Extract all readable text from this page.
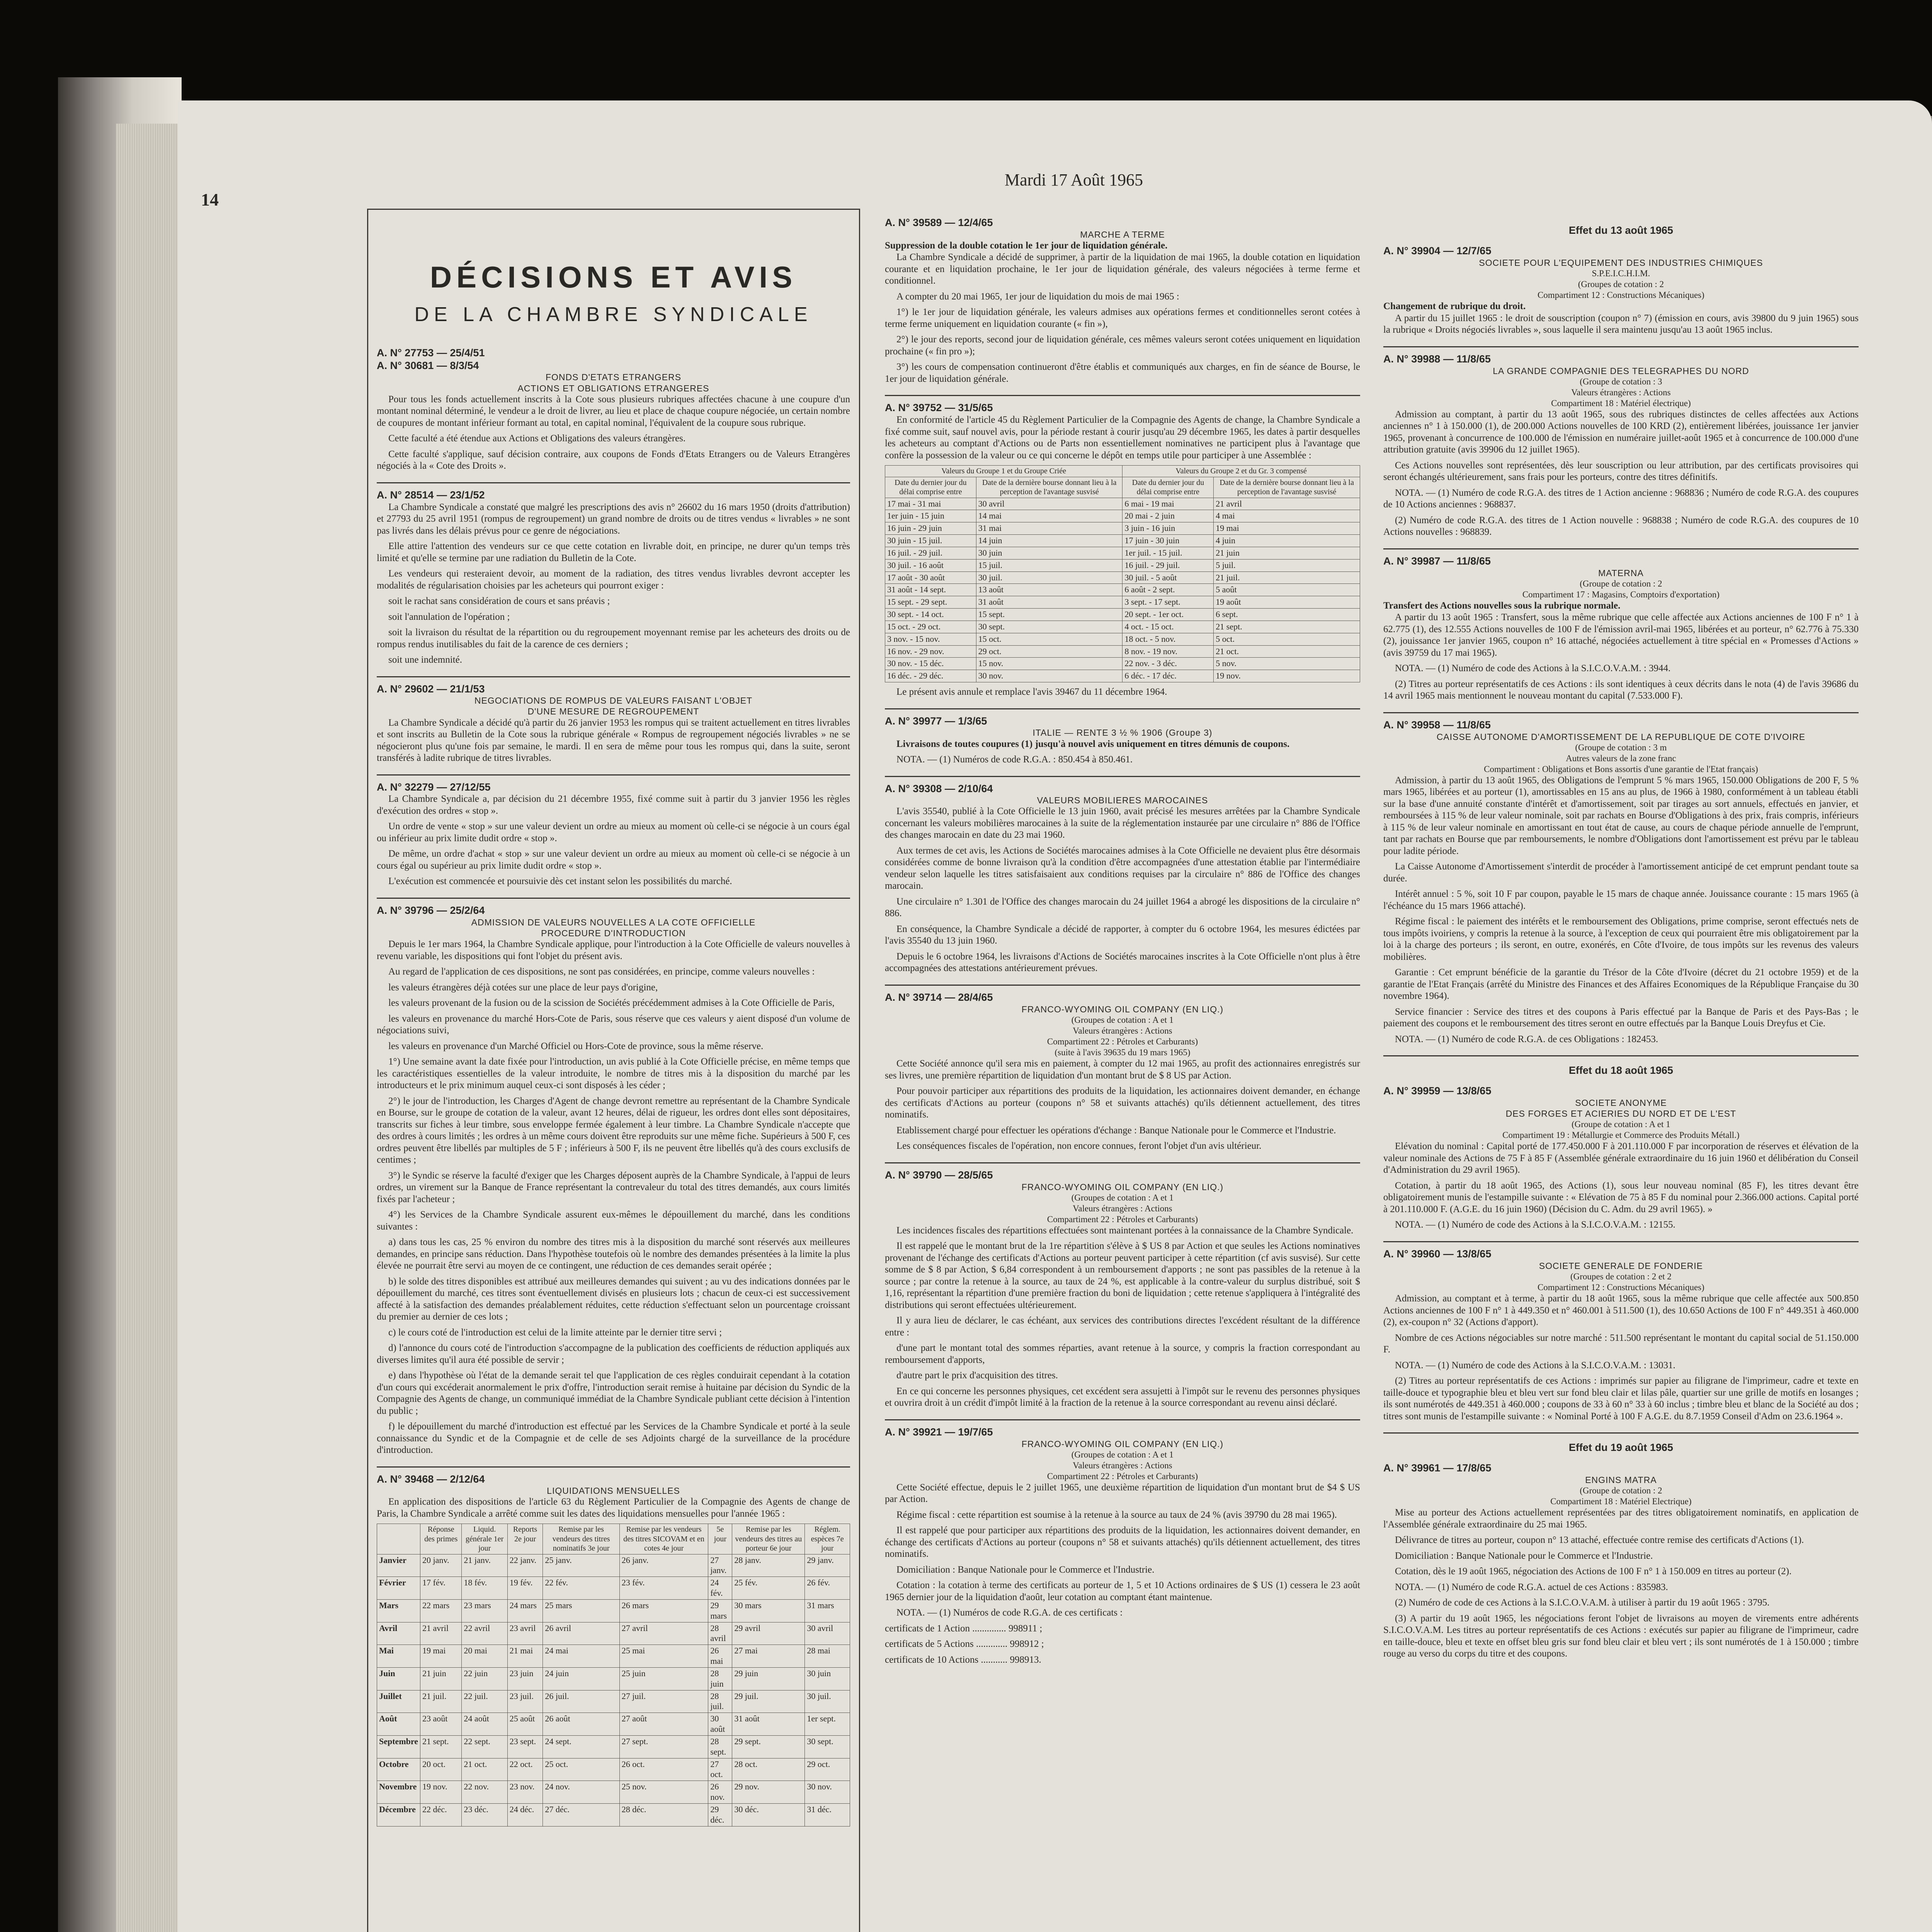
14
Mardi 17 Août 1965
DÉCISIONS ET AVIS
DE LA CHAMBRE SYNDICALE
A. N° 27753 — 25/4/51
A. N° 30681 — 8/3/54
FONDS D'ETATS ETRANGERS
ACTIONS ET OBLIGATIONS ETRANGERES

Pour tous les fonds actuellement inscrits à la Cote sous plusieurs rubriques affectées chacune à une coupure d'un montant nominal déterminé, le vendeur a le droit de livrer, au lieu et place de chaque coupure négociée, un certain nombre de coupures de montant inférieur formant au total, en capital nominal, l'équivalent de la coupure sous rubrique.

Cette faculté a été étendue aux Actions et Obligations des valeurs étrangères.

Cette faculté s'applique, sauf décision contraire, aux coupons de Fonds d'Etats Etrangers ou de Valeurs Etrangères négociés à la « Cote des Droits ».

A. N° 28514 — 23/1/52

La Chambre Syndicale a constaté que malgré les prescriptions des avis n° 26602 du 16 mars 1950 (droits d'attribution) et 27793 du 25 avril 1951 (rompus de regroupement) un grand nombre de droits ou de titres vendus « livrables » ne sont pas livrés dans les délais prévus pour ce genre de négociations.

Elle attire l'attention des vendeurs sur ce que cette cotation en livrable doit, en principe, ne durer qu'un temps très limité et qu'elle se termine par une radiation du Bulletin de la Cote.

Les vendeurs qui resteraient devoir, au moment de la radiation, des titres vendus livrables devront accepter les modalités de régularisation choisies par les acheteurs qui pourront exiger :

soit le rachat sans considération de cours et sans préavis ;

soit l'annulation de l'opération ;

soit la livraison du résultat de la répartition ou du regroupement moyennant remise par les acheteurs des droits ou de rompus rendus inutilisables du fait de la carence de ces derniers ;

soit une indemnité.

A. N° 29602 — 21/1/53
NEGOCIATIONS DE ROMPUS DE VALEURS FAISANT L'OBJET
D'UNE MESURE DE REGROUPEMENT

La Chambre Syndicale a décidé qu'à partir du 26 janvier 1953 les rompus qui se traitent actuellement en titres livrables et sont inscrits au Bulletin de la Cote sous la rubrique générale « Rompus de regroupement négociés livrables » ne se négocieront plus qu'une fois par semaine, le mardi. Il en sera de même pour tous les rompus qui, dans la suite, seront transférés à ladite rubrique de titres livrables.

A. N° 32279 — 27/12/55

La Chambre Syndicale a, par décision du 21 décembre 1955, fixé comme suit à partir du 3 janvier 1956 les règles d'exécution des ordres « stop ».

Un ordre de vente « stop » sur une valeur devient un ordre au mieux au moment où celle-ci se négocie à un cours égal ou inférieur au prix limite dudit ordre « stop ».

De même, un ordre d'achat « stop » sur une valeur devient un ordre au mieux au moment où celle-ci se négocie à un cours égal ou supérieur au prix limite dudit ordre « stop ».

L'exécution est commencée et poursuivie dès cet instant selon les possibilités du marché.

A. N° 39796 — 25/2/64
ADMISSION DE VALEURS NOUVELLES A LA COTE OFFICIELLE
PROCEDURE D'INTRODUCTION

Depuis le 1er mars 1964, la Chambre Syndicale applique, pour l'introduction à la Cote Officielle de valeurs nouvelles à revenu variable, les dispositions qui font l'objet du présent avis.

Au regard de l'application de ces dispositions, ne sont pas considérées, en principe, comme valeurs nouvelles :

les valeurs étrangères déjà cotées sur une place de leur pays d'origine,

les valeurs provenant de la fusion ou de la scission de Sociétés précédemment admises à la Cote Officielle de Paris,

les valeurs en provenance du marché Hors-Cote de Paris, sous réserve que ces valeurs y aient disposé d'un volume de négociations suivi,

les valeurs en provenance d'un Marché Officiel ou Hors-Cote de province, sous la même réserve.

1°) Une semaine avant la date fixée pour l'introduction, un avis publié à la Cote Officielle précise, en même temps que les caractéristiques essentielles de la valeur introduite, le nombre de titres mis à la disposition du marché par les introducteurs et le prix minimum auquel ceux-ci sont disposés à les céder ;

2°) le jour de l'introduction, les Charges d'Agent de change devront remettre au représentant de la Chambre Syndicale en Bourse, sur le groupe de cotation de la valeur, avant 12 heures, délai de rigueur, les ordres dont elles sont dépositaires, transcrits sur fiches à leur timbre, sous enveloppe fermée également à leur timbre. La Chambre Syndicale n'accepte que des ordres à cours limités ; les ordres à un même cours doivent être reproduits sur une même fiche. Supérieurs à 500 F, ces ordres peuvent être libellés par multiples de 5 F ; inférieurs à 500 F, ils ne peuvent être libellés qu'à des cours exclusifs de centimes ;

3°) le Syndic se réserve la faculté d'exiger que les Charges déposent auprès de la Chambre Syndicale, à l'appui de leurs ordres, un virement sur la Banque de France représentant la contrevaleur du total des titres demandés, aux cours limités fixés par l'acheteur ;

4°) les Services de la Chambre Syndicale assurent eux-mêmes le dépouillement du marché, dans les conditions suivantes :

a) dans tous les cas, 25 % environ du nombre des titres mis à la disposition du marché sont réservés aux meilleures demandes, en principe sans réduction. Dans l'hypothèse toutefois où le nombre des demandes présentées à la limite la plus élevée ne pourrait être servi au moyen de ce contingent, une réduction de ces demandes serait opérée ;

b) le solde des titres disponibles est attribué aux meilleures demandes qui suivent ; au vu des indications données par le dépouillement du marché, ces titres sont éventuellement divisés en plusieurs lots ; chacun de ceux-ci est successivement affecté à la satisfaction des demandes préalablement réduites, cette réduction s'effectuant selon un pourcentage croissant du premier au dernier de ces lots ;

c) le cours coté de l'introduction est celui de la limite atteinte par le dernier titre servi ;

d) l'annonce du cours coté de l'introduction s'accompagne de la publication des coefficients de réduction appliqués aux diverses limites qu'il aura été possible de servir ;

e) dans l'hypothèse où l'état de la demande serait tel que l'application de ces règles conduirait cependant à la cotation d'un cours qui excéderait anormalement le prix d'offre, l'introduction serait remise à huitaine par décision du Syndic de la Compagnie des Agents de change, un communiqué immédiat de la Chambre Syndicale publiant cette décision à l'intention du public ;

f) le dépouillement du marché d'introduction est effectué par les Services de la Chambre Syndicale et porté à la seule connaissance du Syndic et de la Compagnie et de celle de ses Adjoints chargé de la surveillance de la procédure d'introduction.

A. N° 39468 — 2/12/64
LIQUIDATIONS MENSUELLES

En application des dispositions de l'article 63 du Règlement Particulier de la Compagnie des Agents de change de Paris, la Chambre Syndicale a arrêté comme suit les dates des liquidations mensuelles pour l'année 1965 :

	Réponse des primes	Liquid. générale 1er jour	Reports 2e jour	Remise par les vendeurs des titres nominatifs 3e jour	Remise par les vendeurs des titres SICOVAM et en cotes 4e jour	5e jour	Remise par les vendeurs des titres au porteur 6e jour	Réglem. espèces 7e jour
Janvier	20 janv.	21 janv.	22 janv.	25 janv.	26 janv.	27 janv.	28 janv.	29 janv.
Février	17 fév.	18 fév.	19 fév.	22 fév.	23 fév.	24 fév.	25 fév.	26 fév.
Mars	22 mars	23 mars	24 mars	25 mars	26 mars	29 mars	30 mars	31 mars
Avril	21 avril	22 avril	23 avril	26 avril	27 avril	28 avril	29 avril	30 avril
Mai	19 mai	20 mai	21 mai	24 mai	25 mai	26 mai	27 mai	28 mai
Juin	21 juin	22 juin	23 juin	24 juin	25 juin	28 juin	29 juin	30 juin
Juillet	21 juil.	22 juil.	23 juil.	26 juil.	27 juil.	28 juil.	29 juil.	30 juil.
Août	23 août	24 août	25 août	26 août	27 août	30 août	31 août	1er sept.
Septembre	21 sept.	22 sept.	23 sept.	24 sept.	27 sept.	28 sept.	29 sept.	30 sept.
Octobre	20 oct.	21 oct.	22 oct.	25 oct.	26 oct.	27 oct.	28 oct.	29 oct.
Novembre	19 nov.	22 nov.	23 nov.	24 nov.	25 nov.	26 nov.	29 nov.	30 nov.
Décembre	22 déc.	23 déc.	24 déc.	27 déc.	28 déc.	29 déc.	30 déc.	31 déc.
A. N° 39589 — 12/4/65
MARCHE A TERME
Suppression de la double cotation le 1er jour de liquidation générale.

La Chambre Syndicale a décidé de supprimer, à partir de la liquidation de mai 1965, la double cotation en liquidation courante et en liquidation prochaine, le 1er jour de liquidation générale, des valeurs négociées à terme ferme et conditionnel.

A compter du 20 mai 1965, 1er jour de liquidation du mois de mai 1965 :

1°) le 1er jour de liquidation générale, les valeurs admises aux opérations fermes et conditionnelles seront cotées à terme ferme uniquement en liquidation courante (« fin »),

2°) le jour des reports, second jour de liquidation générale, ces mêmes valeurs seront cotées uniquement en liquidation prochaine (« fin pro »);

3°) les cours de compensation continueront d'être établis et communiqués aux charges, en fin de séance de Bourse, le 1er jour de liquidation générale.

A. N° 39752 — 31/5/65

En conformité de l'article 45 du Règlement Particulier de la Compagnie des Agents de change, la Chambre Syndicale a fixé comme suit, sauf nouvel avis, pour la période restant à courir jusqu'au 29 décembre 1965, les dates à partir desquelles les acheteurs au comptant d'Actions ou de Parts non essentiellement nominatives ne participent plus à l'avantage que confère la possession de la valeur ou ce qui concerne le dépôt en temps utile pour participer à une Assemblée :

Valeurs du Groupe 1 et du Groupe Criée		Valeurs du Groupe 2 et du Gr. 3 compensé	
Date du dernier jour du délai comprise entre	Date de la dernière bourse donnant lieu à la perception de l'avantage susvisé	Date du dernier jour du délai comprise entre	Date de la dernière bourse donnant lieu à la perception de l'avantage susvisé
17 mai - 31 mai	30 avril	6 mai - 19 mai	21 avril
1er juin - 15 juin	14 mai	20 mai - 2 juin	4 mai
16 juin - 29 juin	31 mai	3 juin - 16 juin	19 mai
30 juin - 15 juil.	14 juin	17 juin - 30 juin	4 juin
16 juil. - 29 juil.	30 juin	1er juil. - 15 juil.	21 juin
30 juil. - 16 août	15 juil.	16 juil. - 29 juil.	5 juil.
17 août - 30 août	30 juil.	30 juil. - 5 août	21 juil.
31 août - 14 sept.	13 août	6 août - 2 sept.	5 août
15 sept. - 29 sept.	31 août	3 sept. - 17 sept.	19 août
30 sept. - 14 oct.	15 sept.	20 sept. - 1er oct.	6 sept.
15 oct. - 29 oct.	30 sept.	4 oct. - 15 oct.	21 sept.
3 nov. - 15 nov.	15 oct.	18 oct. - 5 nov.	5 oct.
16 nov. - 29 nov.	29 oct.	8 nov. - 19 nov.	21 oct.
30 nov. - 15 déc.	15 nov.	22 nov. - 3 déc.	5 nov.
16 déc. - 29 déc.	30 nov.	6 déc. - 17 déc.	19 nov.

Le présent avis annule et remplace l'avis 39467 du 11 décembre 1964.

A. N° 39977 — 1/3/65
ITALIE — RENTE 3 ½ % 1906 (Groupe 3)

Livraisons de toutes coupures (1) jusqu'à nouvel avis uniquement en titres démunis de coupons.

NOTA. — (1) Numéros de code R.G.A. : 850.454 à 850.461.

A. N° 39308 — 2/10/64
VALEURS MOBILIERES MAROCAINES

L'avis 35540, publié à la Cote Officielle le 13 juin 1960, avait précisé les mesures arrêtées par la Chambre Syndicale concernant les valeurs mobilières marocaines à la suite de la réglementation instaurée par une circulaire n° 886 de l'Office des changes marocain en date du 23 mai 1960.

Aux termes de cet avis, les Actions de Sociétés marocaines admises à la Cote Officielle ne devaient plus être désormais considérées comme de bonne livraison qu'à la condition d'être accompagnées d'une attestation établie par l'intermédiaire vendeur selon laquelle les titres satisfaisaient aux conditions requises par la circulaire n° 886 de l'Office des changes marocain.

Une circulaire n° 1.301 de l'Office des changes marocain du 24 juillet 1964 a abrogé les dispositions de la circulaire n° 886.

En conséquence, la Chambre Syndicale a décidé de rapporter, à compter du 6 octobre 1964, les mesures édictées par l'avis 35540 du 13 juin 1960.

Depuis le 6 octobre 1964, les livraisons d'Actions de Sociétés marocaines inscrites à la Cote Officielle n'ont plus à être accompagnées des attestations antérieurement prévues.

A. N° 39714 — 28/4/65
FRANCO-WYOMING OIL COMPANY (EN LIQ.)
(Groupes de cotation : A et 1
Valeurs étrangères : Actions
Compartiment 22 : Pétroles et Carburants)
(suite à l'avis 39635 du 19 mars 1965)

Cette Société annonce qu'il sera mis en paiement, à compter du 12 mai 1965, au profit des actionnaires enregistrés sur ses livres, une première répartition de liquidation d'un montant brut de $ 8 US par Action.

Pour pouvoir participer aux répartitions des produits de la liquidation, les actionnaires doivent demander, en échange des certificats d'Actions au porteur (coupons n° 58 et suivants attachés) qu'ils détiennent actuellement, des titres nominatifs.

Etablissement chargé pour effectuer les opérations d'échange : Banque Nationale pour le Commerce et l'Industrie.

Les conséquences fiscales de l'opération, non encore connues, feront l'objet d'un avis ultérieur.

A. N° 39790 — 28/5/65
FRANCO-WYOMING OIL COMPANY (EN LIQ.)
(Groupes de cotation : A et 1
Valeurs étrangères : Actions
Compartiment 22 : Pétroles et Carburants)

Les incidences fiscales des répartitions effectuées sont maintenant portées à la connaissance de la Chambre Syndicale.

Il est rappelé que le montant brut de la 1re répartition s'élève à $ US 8 par Action et que seules les Actions nominatives provenant de l'échange des certificats d'Actions au porteur peuvent participer à cette répartition (cf avis susvisé). Sur cette somme de $ 8 par Action, $ 6,84 correspondent à un remboursement d'apports ; ne sont pas passibles de la retenue à la source ; par contre la retenue à la source, au taux de 24 %, est applicable à la contre-valeur du surplus distribué, soit $ 1,16, représentant la répartition d'une première fraction du boni de liquidation ; cette retenue s'appliquera à l'intégralité des distributions qui seront effectuées ultérieurement.

Il y aura lieu de déclarer, le cas échéant, aux services des contributions directes l'excédent résultant de la différence entre :

d'une part le montant total des sommes réparties, avant retenue à la source, y compris la fraction correspondant au remboursement d'apports,

d'autre part le prix d'acquisition des titres.

En ce qui concerne les personnes physiques, cet excédent sera assujetti à l'impôt sur le revenu des personnes physiques et ouvrira droit à un crédit d'impôt limité à la fraction de la retenue à la source correspondant au revenu ainsi déclaré.

A. N° 39921 — 19/7/65
FRANCO-WYOMING OIL COMPANY (EN LIQ.)
(Groupes de cotation : A et 1
Valeurs étrangères : Actions
Compartiment 22 : Pétroles et Carburants)

Cette Société effectue, depuis le 2 juillet 1965, une deuxième répartition de liquidation d'un montant brut de $4 $ US par Action.

Régime fiscal : cette répartition est soumise à la retenue à la source au taux de 24 % (avis 39790 du 28 mai 1965).

Il est rappelé que pour participer aux répartitions des produits de la liquidation, les actionnaires doivent demander, en échange des certificats d'Actions au porteur (coupons n° 58 et suivants attachés) qu'ils détiennent actuellement, des titres nominatifs.

Domiciliation : Banque Nationale pour le Commerce et l'Industrie.

Cotation : la cotation à terme des certificats au porteur de 1, 5 et 10 Actions ordinaires de $ US (1) cessera le 23 août 1965 dernier jour de la liquidation d'août, leur cotation au comptant étant maintenue.

NOTA. — (1) Numéros de code R.G.A. de ces certificats :

certificats de 1 Action .............. 998911 ;

certificats de 5 Actions ............. 998912 ;

certificats de 10 Actions ........... 998913.

Effet du 13 août 1965
A. N° 39904 — 12/7/65
SOCIETE POUR L'EQUIPEMENT DES INDUSTRIES CHIMIQUES
S.P.E.I.C.H.I.M.
(Groupes de cotation : 2
Compartiment 12 : Constructions Mécaniques)
Changement de rubrique du droit.

A partir du 15 juillet 1965 : le droit de souscription (coupon n° 7) (émission en cours, avis 39800 du 9 juin 1965) sous la rubrique « Droits négociés livrables », sous laquelle il sera maintenu jusqu'au 13 août 1965 inclus.

A. N° 39988 — 11/8/65
LA GRANDE COMPAGNIE DES TELEGRAPHES DU NORD
(Groupe de cotation : 3
Valeurs étrangères : Actions
Compartiment 18 : Matériel électrique)

Admission au comptant, à partir du 13 août 1965, sous des rubriques distinctes de celles affectées aux Actions anciennes n° 1 à 150.000 (1), de 200.000 Actions nouvelles de 100 KRD (2), entièrement libérées, jouissance 1er janvier 1965, provenant à concurrence de 100.000 de l'émission en numéraire juillet-août 1965 et à concurrence de 100.000 d'une attribution gratuite (avis 39906 du 12 juillet 1965).

Ces Actions nouvelles sont représentées, dès leur souscription ou leur attribution, par des certificats provisoires qui seront échangés ultérieurement, sans frais pour les porteurs, contre des titres définitifs.

NOTA. — (1) Numéro de code R.G.A. des titres de 1 Action ancienne : 968836 ; Numéro de code R.G.A. des coupures de 10 Actions anciennes : 968837.

(2) Numéro de code R.G.A. des titres de 1 Action nouvelle : 968838 ; Numéro de code R.G.A. des coupures de 10 Actions nouvelles : 968839.

A. N° 39987 — 11/8/65
MATERNA
(Groupe de cotation : 2
Compartiment 17 : Magasins, Comptoirs d'exportation)
Transfert des Actions nouvelles sous la rubrique normale.

A partir du 13 août 1965 : Transfert, sous la même rubrique que celle affectée aux Actions anciennes de 100 F n° 1 à 62.775 (1), des 12.555 Actions nouvelles de 100 F de l'émission avril-mai 1965, libérées et au porteur, n° 62.776 à 75.330 (2), jouissance 1er janvier 1965, coupon n° 16 attaché, négociées actuellement à titre spécial en « Promesses d'Actions » (avis 39759 du 17 mai 1965).

NOTA. — (1) Numéro de code des Actions à la S.I.C.O.V.A.M. : 3944.

(2) Titres au porteur représentatifs de ces Actions : ils sont identiques à ceux décrits dans le nota (4) de l'avis 39686 du 14 avril 1965 mais mentionnent le nouveau montant du capital (7.533.000 F).

A. N° 39958 — 11/8/65
CAISSE AUTONOME D'AMORTISSEMENT DE LA REPUBLIQUE DE COTE D'IVOIRE
(Groupe de cotation : 3 m
Autres valeurs de la zone franc
Compartiment : Obligations et Bons assortis d'une garantie de l'Etat français)

Admission, à partir du 13 août 1965, des Obligations de l'emprunt 5 % mars 1965, 150.000 Obligations de 200 F, 5 % mars 1965, libérées et au porteur (1), amortissables en 15 ans au plus, de 1966 à 1980, conformément à un tableau établi sur la base d'une annuité constante d'intérêt et d'amortissement, soit par tirages au sort annuels, effectués en janvier, et remboursées à 115 % de leur valeur nominale, soit par rachats en Bourse d'Obligations à des prix, frais compris, inférieurs à 115 % de leur valeur nominale en amortissant en tout état de cause, au cours de chaque période annuelle de l'emprunt, tant par rachats en Bourse que par remboursements, le nombre d'Obligations dont l'amortissement est prévu par le tableau pour ladite période.

La Caisse Autonome d'Amortissement s'interdit de procéder à l'amortissement anticipé de cet emprunt pendant toute sa durée.

Intérêt annuel : 5 %, soit 10 F par coupon, payable le 15 mars de chaque année. Jouissance courante : 15 mars 1965 (à l'échéance du 15 mars 1966 attaché).

Régime fiscal : le paiement des intérêts et le remboursement des Obligations, prime comprise, seront effectués nets de tous impôts ivoiriens, y compris la retenue à la source, à l'exception de ceux qui pourraient être mis obligatoirement par la loi à la charge des porteurs ; ils seront, en outre, exonérés, en Côte d'Ivoire, de tous impôts sur les revenus des valeurs mobilières.

Garantie : Cet emprunt bénéficie de la garantie du Trésor de la Côte d'Ivoire (décret du 21 octobre 1959) et de la garantie de l'Etat Français (arrêté du Ministre des Finances et des Affaires Economiques de la République Française du 30 novembre 1964).

Service financier : Service des titres et des coupons à Paris effectué par la Banque de Paris et des Pays-Bas ; le paiement des coupons et le remboursement des titres seront en outre effectués par la Banque Louis Dreyfus et Cie.

NOTA. — (1) Numéro de code R.G.A. de ces Obligations : 182453.

Effet du 18 août 1965
A. N° 39959 — 13/8/65
SOCIETE ANONYME
DES FORGES ET ACIERIES DU NORD ET DE L'EST
(Groupe de cotation : A et 1
Compartiment 19 : Métallurgie et Commerce des Produits Métall.)

Elévation du nominal : Capital porté de 177.450.000 F à 201.110.000 F par incorporation de réserves et élévation de la valeur nominale des Actions de 75 F à 85 F (Assemblée générale extraordinaire du 16 juin 1960 et délibération du Conseil d'Administration du 29 avril 1965).

Cotation, à partir du 18 août 1965, des Actions (1), sous leur nouveau nominal (85 F), les titres devant être obligatoirement munis de l'estampille suivante : « Elévation de 75 à 85 F du nominal pour 2.366.000 actions. Capital porté à 201.110.000 F. (A.G.E. du 16 juin 1960) (Décision du C. Adm. du 29 avril 1965). »

NOTA. — (1) Numéro de code des Actions à la S.I.C.O.V.A.M. : 12155.

A. N° 39960 — 13/8/65
SOCIETE GENERALE DE FONDERIE
(Groupes de cotation : 2 et 2
Compartiment 12 : Constructions Mécaniques)

Admission, au comptant et à terme, à partir du 18 août 1965, sous la même rubrique que celle affectée aux 500.850 Actions anciennes de 100 F n° 1 à 449.350 et n° 460.001 à 511.500 (1), des 10.650 Actions de 100 F n° 449.351 à 460.000 (2), ex-coupon n° 32 (Actions d'apport).

Nombre de ces Actions négociables sur notre marché : 511.500 représentant le montant du capital social de 51.150.000 F.

NOTA. — (1) Numéro de code des Actions à la S.I.C.O.V.A.M. : 13031.

(2) Titres au porteur représentatifs de ces Actions : imprimés sur papier au filigrane de l'imprimeur, cadre et texte en taille-douce et typographie bleu et bleu vert sur fond bleu clair et lilas pâle, quartier sur une grille de motifs en losanges ; ils sont numérotés de 449.351 à 460.000 ; coupons de 33 à 60 n° 33 à 60 inclus ; timbre bleu et blanc de la Société au dos ; titres sont munis de l'estampille suivante : « Nominal Porté à 100 F A.G.E. du 8.7.1959 Conseil d'Adm on 23.6.1964 ».

Effet du 19 août 1965
A. N° 39961 — 17/8/65
ENGINS MATRA
(Groupe de cotation : 2
Compartiment 18 : Matériel Electrique)

Mise au porteur des Actions actuellement représentées par des titres obligatoirement nominatifs, en application de l'Assemblée générale extraordinaire du 25 mai 1965.

Délivrance de titres au porteur, coupon n° 13 attaché, effectuée contre remise des certificats d'Actions (1).

Domiciliation : Banque Nationale pour le Commerce et l'Industrie.

Cotation, dès le 19 août 1965, négociation des Actions de 100 F n° 1 à 150.009 en titres au porteur (2).

NOTA. — (1) Numéro de code R.G.A. actuel de ces Actions : 835983.

(2) Numéro de code de ces Actions à la S.I.C.O.V.A.M. à utiliser à partir du 19 août 1965 : 3795.

(3) A partir du 19 août 1965, les négociations feront l'objet de livraisons au moyen de virements entre adhérents S.I.C.O.V.A.M. Les titres au porteur représentatifs de ces Actions : exécutés sur papier au filigrane de l'imprimeur, cadre en taille-douce, bleu et texte en offset bleu gris sur fond bleu clair et bleu vert ; ils sont numérotés de 1 à 150.000 ; timbre rouge au verso du corps du titre et des coupons.
